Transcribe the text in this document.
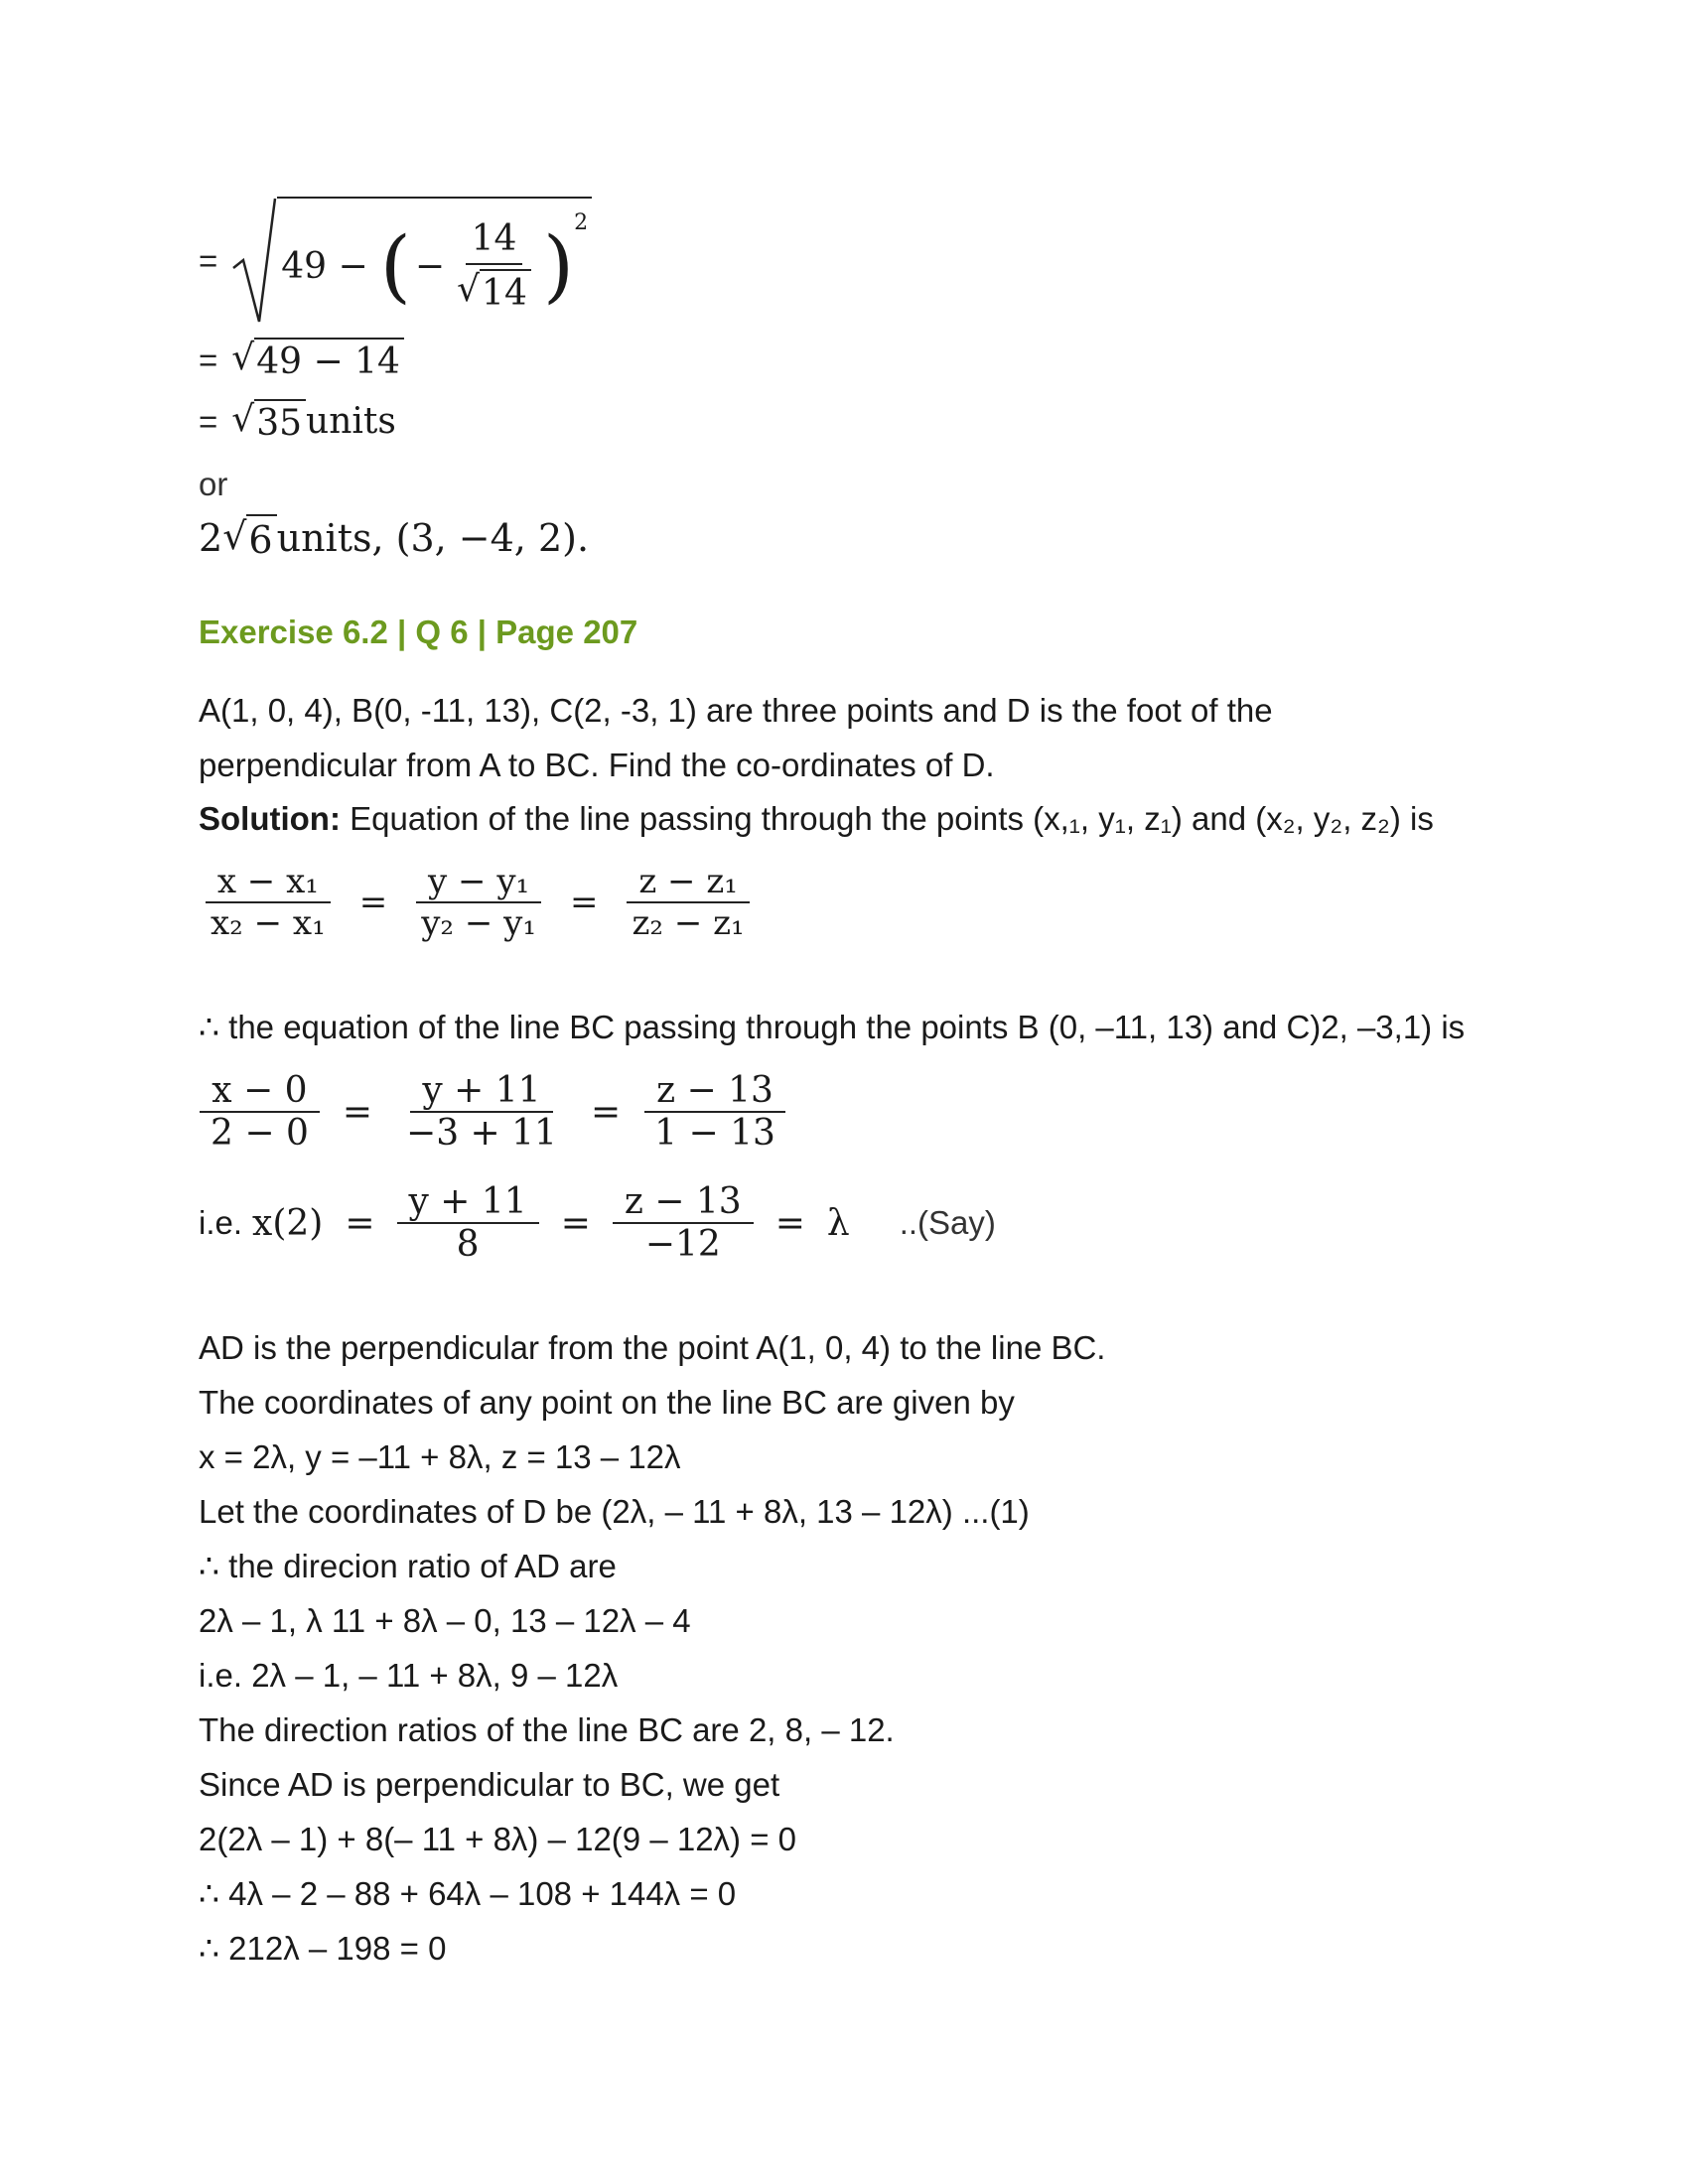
= 49 − ( − $\frac{14}{√ 14}$ ) 2
= √ 49 − 14
= √ 35 units
or
2 √ 6 units, (3, −4, 2).
Exercise 6.2 | Q 6 | Page 207
A(1, 0, 4), B(0, -11, 13), C(2, -3, 1) are three points and D is the foot of the
perpendicular from A to BC. Find the co-ordinates of D.
Solution: Equation of the line passing through the points (x,₁, y₁, z₁) and (x₂, y₂, z₂) is
$\frac{\text{x − x₁}}{\text{x₂ − x₁}} = \frac{\text{y − y₁}}{\text{y₂ − y₁}} = \frac{\text{z − z₁}}{\text{z₂ − z₁}}$
∴ the equation of the line BC passing through the points B (0, –11, 13) and C)2, –3,1) is
$\frac{x - 0}{2 - 0} = \frac{y + 11}{-3 + 11} = \frac{z - 13}{1 - 13}$
i.e. $x(2) = \frac{y + 11}{8} = \frac{z - 13}{-12} = \lambda$ ..(Say)
AD is the perpendicular from the point A(1, 0, 4) to the line BC.
The coordinates of any point on the line BC are given by
x = 2λ, y = –11 + 8λ, z = 13 – 12λ
Let the coordinates of D be (2λ, – 11 + 8λ, 13 – 12λ) ...(1)
∴ the direcion ratio of AD are
2λ – 1, λ 11 + 8λ – 0, 13 – 12λ – 4
i.e. 2λ – 1, – 11 + 8λ, 9 – 12λ
The direction ratios of the line BC are 2, 8, – 12.
Since AD is perpendicular to BC, we get
2(2λ – 1) + 8(– 11 + 8λ) – 12(9 – 12λ) = 0
∴ 4λ – 2 – 88 + 64λ – 108 + 144λ = 0
∴ 212λ – 198 = 0
